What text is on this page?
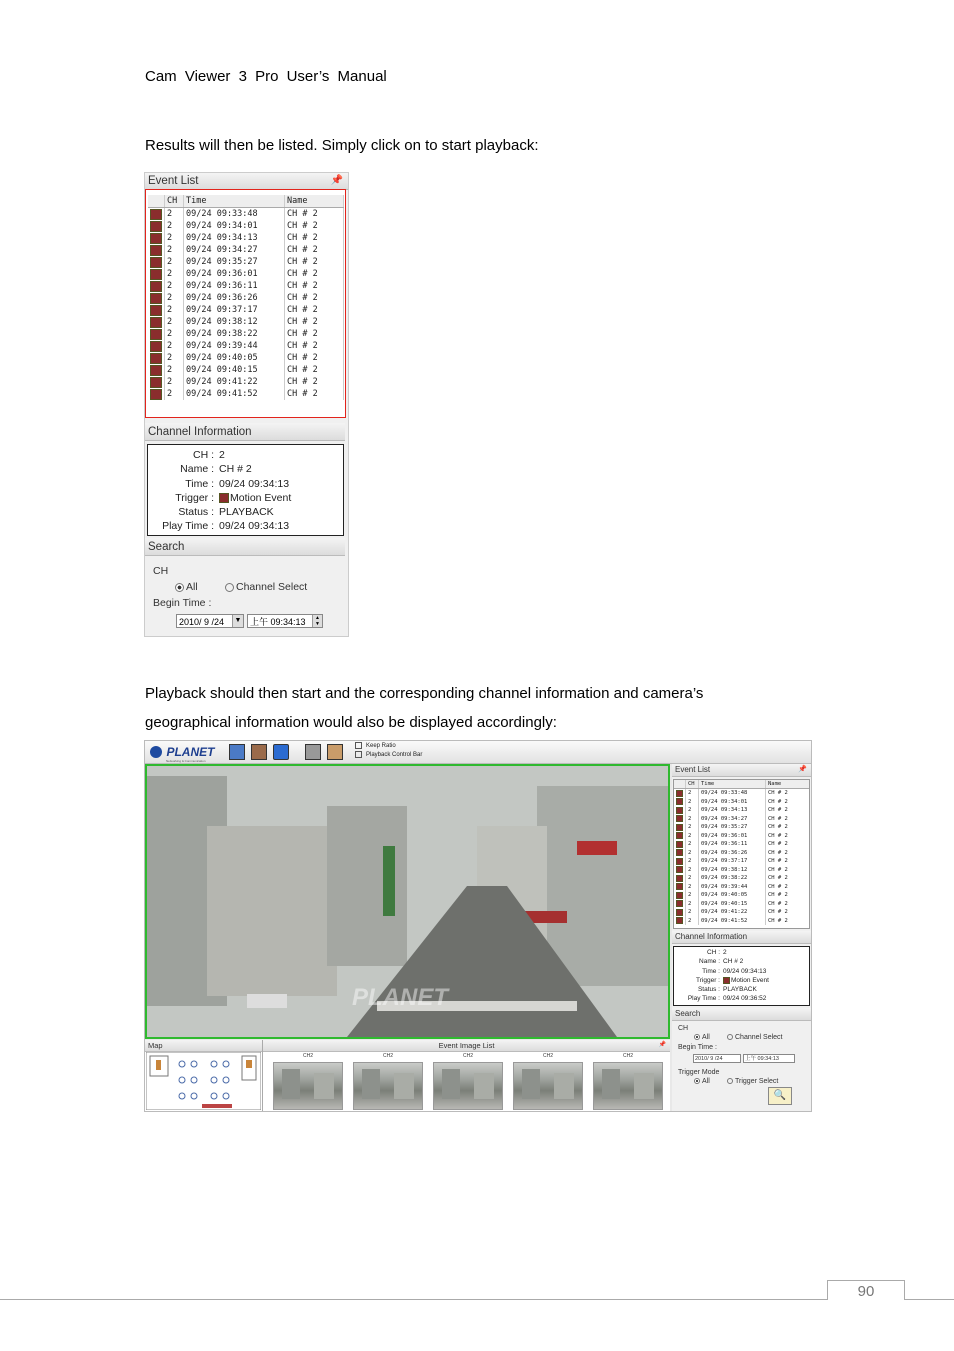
Cam Viewer 3 Pro User’s Manual
Results will then be listed. Simply click on to start playback:
Event List	📌
	CH	Time	Name
	2	09/24 09:33:48	CH # 2
	2	09/24 09:34:01	CH # 2
	2	09/24 09:34:13	CH # 2
	2	09/24 09:34:27	CH # 2
	2	09/24 09:35:27	CH # 2
	2	09/24 09:36:01	CH # 2
	2	09/24 09:36:11	CH # 2
	2	09/24 09:36:26	CH # 2
	2	09/24 09:37:17	CH # 2
	2	09/24 09:38:12	CH # 2
	2	09/24 09:38:22	CH # 2
	2	09/24 09:39:44	CH # 2
	2	09/24 09:40:05	CH # 2
	2	09/24 09:40:15	CH # 2
	2	09/24 09:41:22	CH # 2
	2	09/24 09:41:52	CH # 2
Channel Information
CH : 2
Name : CH # 2
Time : 09/24 09:34:13
Trigger : Motion Event
Status : PLAYBACK
Play Time : 09/24 09:34:13
Search
CH
All	Channel Select
Begin Time :
2010/ 9 /24	▼ 上午 09:34:13	▲
▼
Playback should then start and the corresponding channel information and camera’s
geographical information would also be displayed accordingly:
PLANET
Networking & Communication
Keep Ratio
Playback Control Bar
PLANET
Event List	📌
	CH	Time	Name
	2	09/24 09:33:48	CH # 2
	2	09/24 09:34:01	CH # 2
	2	09/24 09:34:13	CH # 2
	2	09/24 09:34:27	CH # 2
	2	09/24 09:35:27	CH # 2
	2	09/24 09:36:01	CH # 2
	2	09/24 09:36:11	CH # 2
	2	09/24 09:36:26	CH # 2
	2	09/24 09:37:17	CH # 2
	2	09/24 09:38:12	CH # 2
	2	09/24 09:38:22	CH # 2
	2	09/24 09:39:44	CH # 2
	2	09/24 09:40:05	CH # 2
	2	09/24 09:40:15	CH # 2
	2	09/24 09:41:22	CH # 2
	2	09/24 09:41:52	CH # 2
Channel Information
CH : 2
Name : CH # 2
Time : 09/24 09:34:13
Trigger : Motion Event
Status : PLAYBACK
Play Time : 09/24 09:36:52
Search
CH
All	Channel Select
Begin Time :
2010/ 9 /24	上午 09:34:13
Trigger Mode
All	Trigger Select
🔍
Map	Event Image List	📌
CH2	CH2	CH2	CH2	CH2
90
